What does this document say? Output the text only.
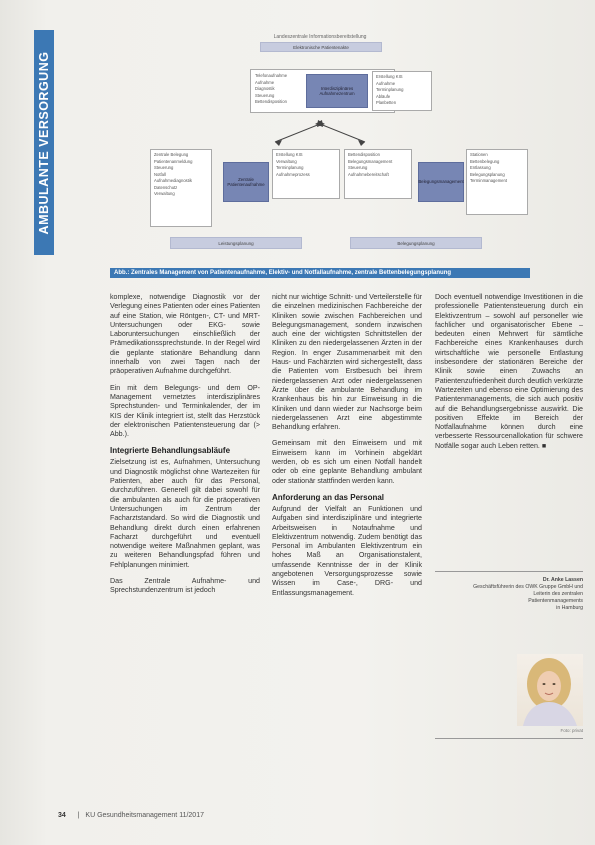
AMBULANTE VERSORGUNG
Landeszentrale Informationsbereitstellung
Elektronische Patientenakte
Telefonaufnahme
Aufnahme
Diagnostik
Steuerung
Bettendisposition
Interdisziplinäres Aufnahmezentrum
Erstellung KIS
Aufnahme
Terminplanung
Abläufe
Planbetten
Zentrale Belegung
Patientenanmeldung
Steuerung
Notfall
Aufnahmediagnostik
Datenschutz
Verwaltung
Zentrale Patientenaufnahme
Erstellung KIS
Verwaltung
Terminplanung
Aufnahmeprozess
Bettendisposition
Belegungsmanagement
Steuerung
Aufnahmebereitschaft
Belegungsmanagement
Stationen
Bettenbelegung
Entlassung
Belegungsplanung
Terminmanagement
Leistungsplanung	Belegungsplanung
Abb.: Zentrales Management von Patientenaufnahme, Elektiv- und Notfallaufnahme, zentrale Bettenbelegungsplanung

komplexe, notwendige Diagnostik vor der Verlegung eines Patienten oder eines Patienten auf eine Station, wie Röntgen-, CT- und MRT-Untersuchungen oder EKG- sowie Laboruntersuchungen einschließlich der Prämedikationssprechstunde. In der Regel wird die geplante stationäre Behandlung dann innerhalb von zwei Tagen nach der präoperativen Aufnahme durchgeführt.

Ein mit dem Belegungs- und dem OP-Management vernetztes interdisziplinäres Sprechstunden- und Terminkalender, der im KIS der Klinik integriert ist, stellt das Herzstück der elektronischen Patientensteuerung dar (> Abb.).

Integrierte Behandlungsabläufe

Zielsetzung ist es, Aufnahmen, Untersuchung und Diagnostik möglichst ohne Wartezeiten für Patienten, aber auch für das Personal, durchzuführen. Generell gilt dabei sowohl für die ambulanten als auch für die präoperativen Untersuchungen im Zentrum der Facharztstandard. So wird die Diagnostik und Behandlung direkt durch einen erfahrenen Facharzt durchgeführt und eventuell notwendige weitere Maßnahmen geplant, was zu weiteren Behandlungspfad führen und Fehlplanungen minimiert.

Das Zentrale Aufnahme- und Sprechstundenzentrum ist jedoch

nicht nur wichtige Schnitt- und Verteilerstelle für die einzelnen medizinischen Fachbereiche der Kliniken sowie zwischen Fachbereichen und Belegungsmanagement, sondern inzwischen auch eine der wichtigsten Schnittstellen der Kliniken zu den niedergelassenen Ärzten in der Region. In enger Zusammenarbeit mit den Haus- und Fachärzten wird sichergestellt, dass die Patienten vom Erstbesuch bei ihrem niedergelassenen Arzt oder niedergelassenen Ärzte über die ambulante Behandlung im Krankenhaus bis hin zur Einweisung in die Kliniken und dann wieder zur Nachsorge beim niedergelassenen Arzt eine abgestimmte Behandlung erfahren.

Gemeinsam mit den Einweisern und mit Einweisern kann im Vorhinein abgeklärt werden, ob es sich um einen Notfall handelt oder ob eine geplante Behandlung ambulant oder stationär stattfinden werden kann.

Anforderung an das Personal

Aufgrund der Vielfalt an Funktionen und Aufgaben sind interdisziplinäre und integrierte Arbeitsweisen in Notaufnahme und Elektivzentrum notwendig. Zudem benötigt das Personal im Ambulanten Elektivzentrum ein hohes Maß an Organisationstalent, umfassende Kenntnisse der in der Klinik angebotenen Versorgungsprozesse sowie Wissen im Case-, DRG- und Entlassungsmanagement.

Doch eventuell notwendige Investitionen in die professionelle Patientensteuerung durch ein Elektivzentrum – sowohl auf personeller wie fachlicher und organisatorischer Ebene – bedeuten einen Mehrwert für sämtliche Fachbereiche eines Krankenhauses durch wirtschaftliche wie personelle Entlastung insbesondere der stationären Bereiche der Klinik sowie einen Zuwachs an Patientenzufriedenheit durch deutlich verkürzte Wartezeiten und ebenso eine Optimierung des Patientenmanagements, die sich auch positiv auf die Behandlungsergebnisse auswirkt. Die positiven Effekte im Bereich der Notfallaufnahme können durch eine verbesserte Ressourcenallokation für schwere Notfälle sogar auch Leben retten. ■

Dr. Anke Lassen
Geschäftsführerin des OWK Gruppe GmbH und
Leiterin des zentralen
Patientenmanagements
in Hamburg
Foto: privat
34 |   KU Gesundheitsmanagement 11/2017
